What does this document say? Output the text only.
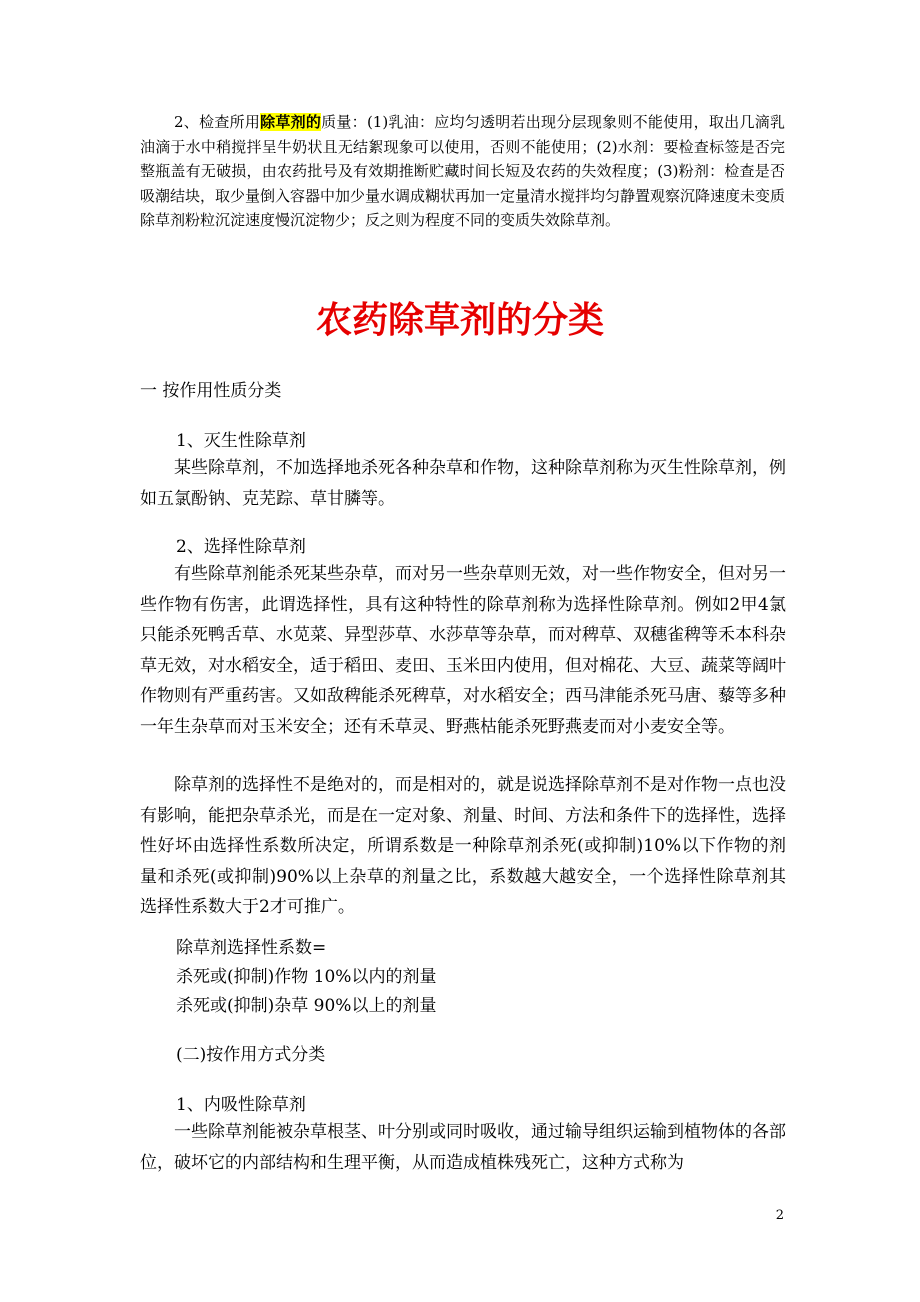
2、检查所用除草剂的质量：(1)乳油：应均匀透明若出现分层现象则不能使用，取出几滴乳油滴于水中稍搅拌呈牛奶状且无结絮现象可以使用，否则不能使用；(2)水剂：要检查标签是否完整瓶盖有无破损，由农药批号及有效期推断贮藏时间长短及农药的失效程度；(3)粉剂：检查是否吸潮结块，取少量倒入容器中加少量水调成糊状再加一定量清水搅拌均匀静置观察沉降速度未变质除草剂粉粒沉淀速度慢沉淀物少；反之则为程度不同的变质失效除草剂。
农药除草剂的分类
一 按作用性质分类
1、灭生性除草剂
某些除草剂，不加选择地杀死各种杂草和作物，这种除草剂称为灭生性除草剂，例如五氯酚钠、克芜踪、草甘膦等。
2、选择性除草剂
有些除草剂能杀死某些杂草，而对另一些杂草则无效，对一些作物安全，但对另一些作物有伤害，此谓选择性，具有这种特性的除草剂称为选择性除草剂。例如2甲4氯只能杀死鸭舌草、水苋菜、异型莎草、水莎草等杂草，而对稗草、双穗雀稗等禾本科杂草无效，对水稻安全，适于稻田、麦田、玉米田内使用，但对棉花、大豆、蔬菜等阔叶作物则有严重药害。又如敌稗能杀死稗草，对水稻安全；西马津能杀死马唐、藜等多种一年生杂草而对玉米安全；还有禾草灵、野燕枯能杀死野燕麦而对小麦安全等。
除草剂的选择性不是绝对的，而是相对的，就是说选择除草剂不是对作物一点也没有影响，能把杂草杀光，而是在一定对象、剂量、时间、方法和条件下的选择性，选择性好坏由选择性系数所决定，所谓系数是一种除草剂杀死(或抑制)10%以下作物的剂量和杀死(或抑制)90%以上杂草的剂量之比，系数越大越安全，一个选择性除草剂其选择性系数大于2才可推广。
除草剂选择性系数=
杀死或(抑制)作物 10%以内的剂量
杀死或(抑制)杂草 90%以上的剂量
(二)按作用方式分类
1、内吸性除草剂
一些除草剂能被杂草根茎、叶分别或同时吸收，通过输导组织运输到植物体的各部位，破坏它的内部结构和生理平衡，从而造成植株残死亡，这种方式称为
2
